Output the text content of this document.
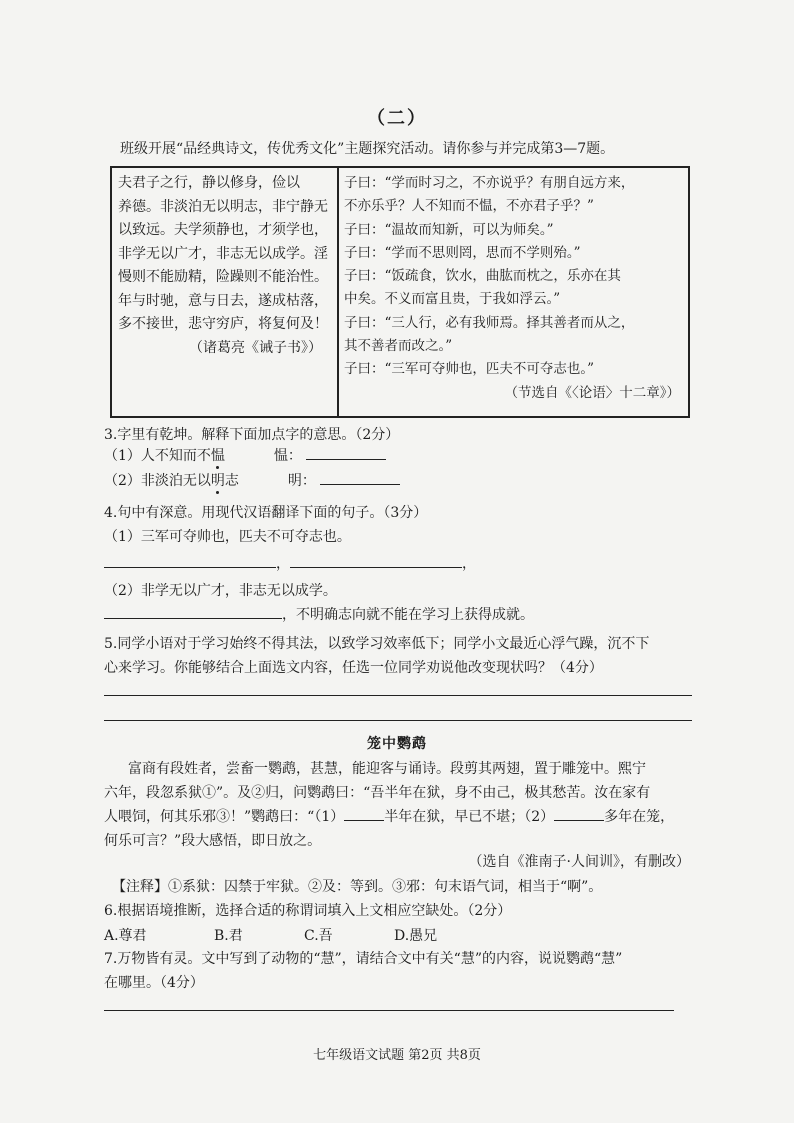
（二）
班级开展“品经典诗文，传优秀文化”主题探究活动。请你参与并完成第3—7题。
夫君子之行，静以修身，俭以
养德。非淡泊无以明志，非宁静无
以致远。夫学须静也，才须学也，
非学无以广才，非志无以成学。淫
慢则不能励精，险躁则不能治性。
年与时驰，意与日去，遂成枯落，
多不接世，悲守穷庐，将复何及！
（诸葛亮《诫子书》）
子曰：“学而时习之，不亦说乎？有朋自远方来，
不亦乐乎？人不知而不愠，不亦君子乎？”
子曰：“温故而知新，可以为师矣。”
子曰：“学而不思则罔，思而不学则殆。”
子曰：“饭疏食，饮水，曲肱而枕之，乐亦在其
中矣。不义而富且贵，于我如浮云。”
子曰：“三人行，必有我师焉。择其善者而从之，
其不善者而改之。”
子曰：“三军可夺帅也，匹夫不可夺志也。”
（节选自《〈论语〉十二章》）
3.字里有乾坤。解释下面加点字的意思。（2分）
（1）人不知而不愠	愠：
（2）非淡泊无以明志	明：
4.句中有深意。用现代汉语翻译下面的句子。（3分）
（1）三军可夺帅也，匹夫不可夺志也。
，	，
（2）非学无以广才，非志无以成学。
，不明确志向就不能在学习上获得成就。
5.同学小语对于学习始终不得其法，以致学习效率低下；同学小文最近心浮气躁，沉不下
心来学习。你能够结合上面选文内容，任选一位同学劝说他改变现状吗？（4分）
笼中鹦鹉
富商有段姓者，尝畜一鹦鹉，甚慧，能迎客与诵诗。段剪其两翅，置于雕笼中。熙宁
六年，段忽系狱①”。及②归，问鹦鹉曰：“吾半年在狱，身不由己，极其愁苦。汝在家有
人喂饲，何其乐邪③！”鹦鹉曰：“（1）	半年在狱，早已不堪；（2）	多年在笼，
何乐可言？”段大感悟，即日放之。
（选自《淮南子·人间训》，有删改）
【注释】①系狱：囚禁于牢狱。②及：等到。③邪：句末语气词，相当于“啊”。
6.根据语境推断，选择合适的称谓词填入上文相应空缺处。（2分）
A.尊君	B.君	C.吾	D.愚兄
7.万物皆有灵。文中写到了动物的“慧”，请结合文中有关“慧”的内容，说说鹦鹉“慧”
在哪里。（4分）
七年级语文试题 第2页 共8页
